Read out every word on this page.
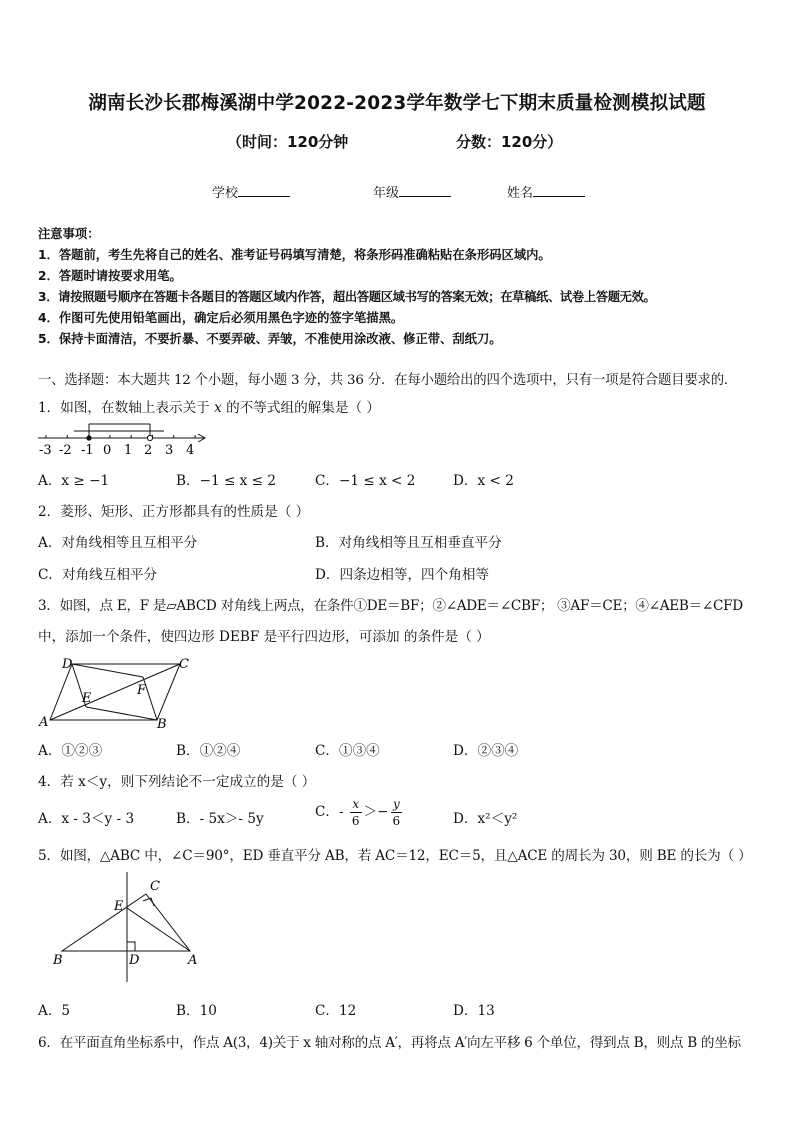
湖南长沙长郡梅溪湖中学2022-2023学年数学七下期末质量检测模拟试题
（时间：120分钟	分数：120分）
学校	年级	姓名
注意事项：
1．答题前，考生先将自己的姓名、准考证号码填写清楚，将条形码准确粘贴在条形码区域内。
2．答题时请按要求用笔。
3．请按照题号顺序在答题卡各题目的答题区域内作答，超出答题区域书写的答案无效；在草稿纸、试卷上答题无效。
4．作图可先使用铅笔画出，确定后必须用黑色字迹的签字笔描黑。
5．保持卡面清洁，不要折暴、不要弄破、弄皱，不准使用涂改液、修正带、刮纸刀。
一、选择题：本大题共 12 个小题，每小题 3 分，共 36 分．在每小题给出的四个选项中，只有一项是符合题目要求的．
1．如图，在数轴上表示关于 x 的不等式组的解集是（ ）
-3 -2 -1 0 1 2 3 4
A．x ≥ −1	B．−1 ≤ x ≤ 2	C．−1 ≤ x < 2	D．x < 2
2．菱形、矩形、正方形都具有的性质是（ ）
A．对角线相等且互相平分	B．对角线相等且互相垂直平分
C．对角线互相平分	D．四条边相等，四个角相等
3．如图，点 E，F 是▱ABCD 对角线上两点，在条件①DE＝BF；②∠ADE＝∠CBF； ③AF＝CE；④∠AEB＝∠CFD
中，添加一个条件，使四边形 DEBF 是平行四边形，可添加 的条件是（ ）
A	B
C
D
E
F
A．①②③	B．①②④	C．①③④	D．②③④
4．若 x＜y，则下列结论不一定成立的是（ ）
A．x - 3＜y - 3	B．- 5x＞- 5y	C．- $\frac{x}{6} >- \frac{y}{6}$	D．x²＜y²
5．如图，△ABC 中，∠C＝90°，ED 垂直平分 AB，若 AC＝12，EC＝5，且△ACE 的周长为 30，则 BE 的长为（ ）
B	A
C
D
E
A．5	B．10	C．12	D．13
6．在平面直角坐标系中，作点 A(3，4)关于 x 轴对称的点 A′，再将点 A′向左平移 6 个单位，得到点 B，则点 B 的坐标
